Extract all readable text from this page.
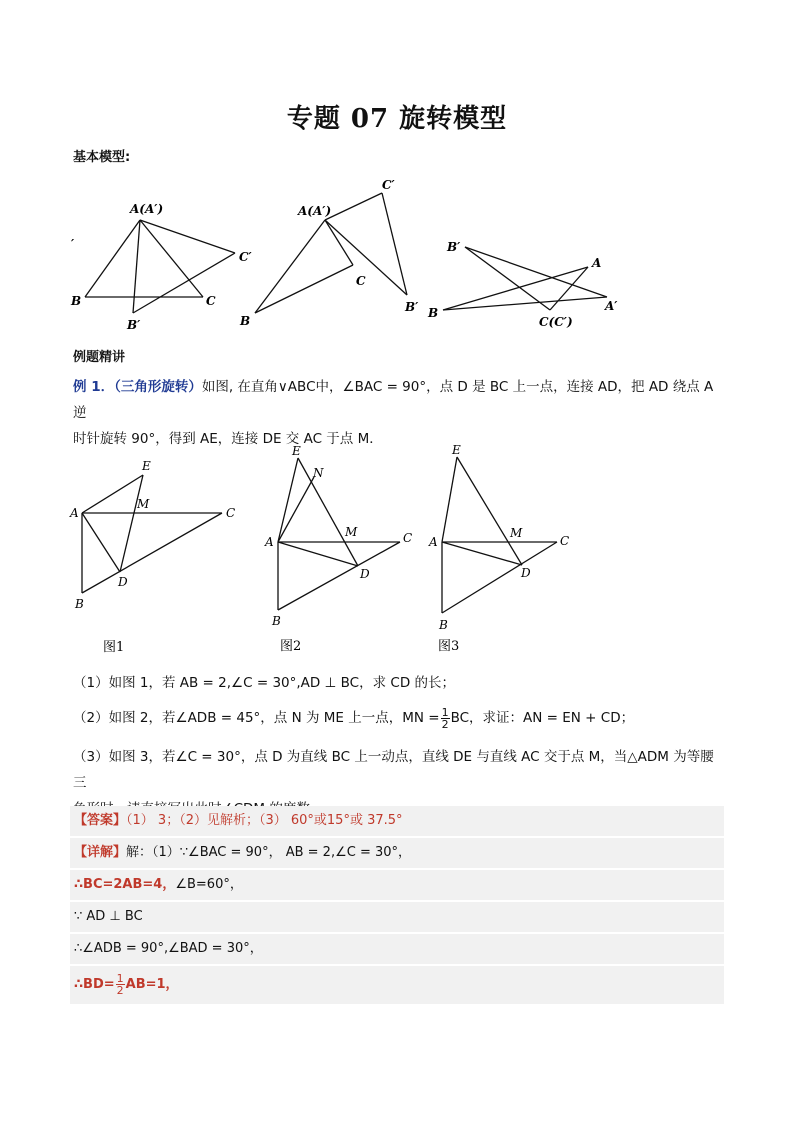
专题 07 旋转模型
基本模型:
A(A′)
B	C
B′
C′
′
A(A′)
B
C
C′
B′
B′
A
A′
B
C(C′)
例题精讲
例 1．（三角形旋转）如图, 在直角∨ABC中，∠BAC = 90°，点 D 是 BC 上一点，连接 AD，把 AD 绕点 A 逆
时针旋转 90°，得到 AE，连接 DE 交 AC 于点 M．
E
M
A	C
D
B
图1
E
N
M
A	C
D
B
图2
E
M
A	C
D
B
图3
（1）如图 1，若 AB = 2,∠C = 30°,AD ⊥ BC，求 CD 的长；
（2）如图 2，若∠ADB = 45°，点 N 为 ME 上一点，MN = $\frac{1}{2}$ BC，求证：AN = EN + CD；
（3）如图 3，若∠C = 30°，点 D 为直线 BC 上一动点，直线 DE 与直线 AC 交于点 M，当△ADM 为等腰三

【答案】（1） 3；（2）见解析；（3） 60°或15°或 37.5°
【详解】解：（1）∵∠BAC = 90°， AB = 2,∠C = 30°，
∴BC=2AB=4，∠B=60°，
∵ AD ⊥ BC
∴∠ADB = 90°,∠BAD = 30°，
∴BD= $\frac{1}{2} AB=1$，
